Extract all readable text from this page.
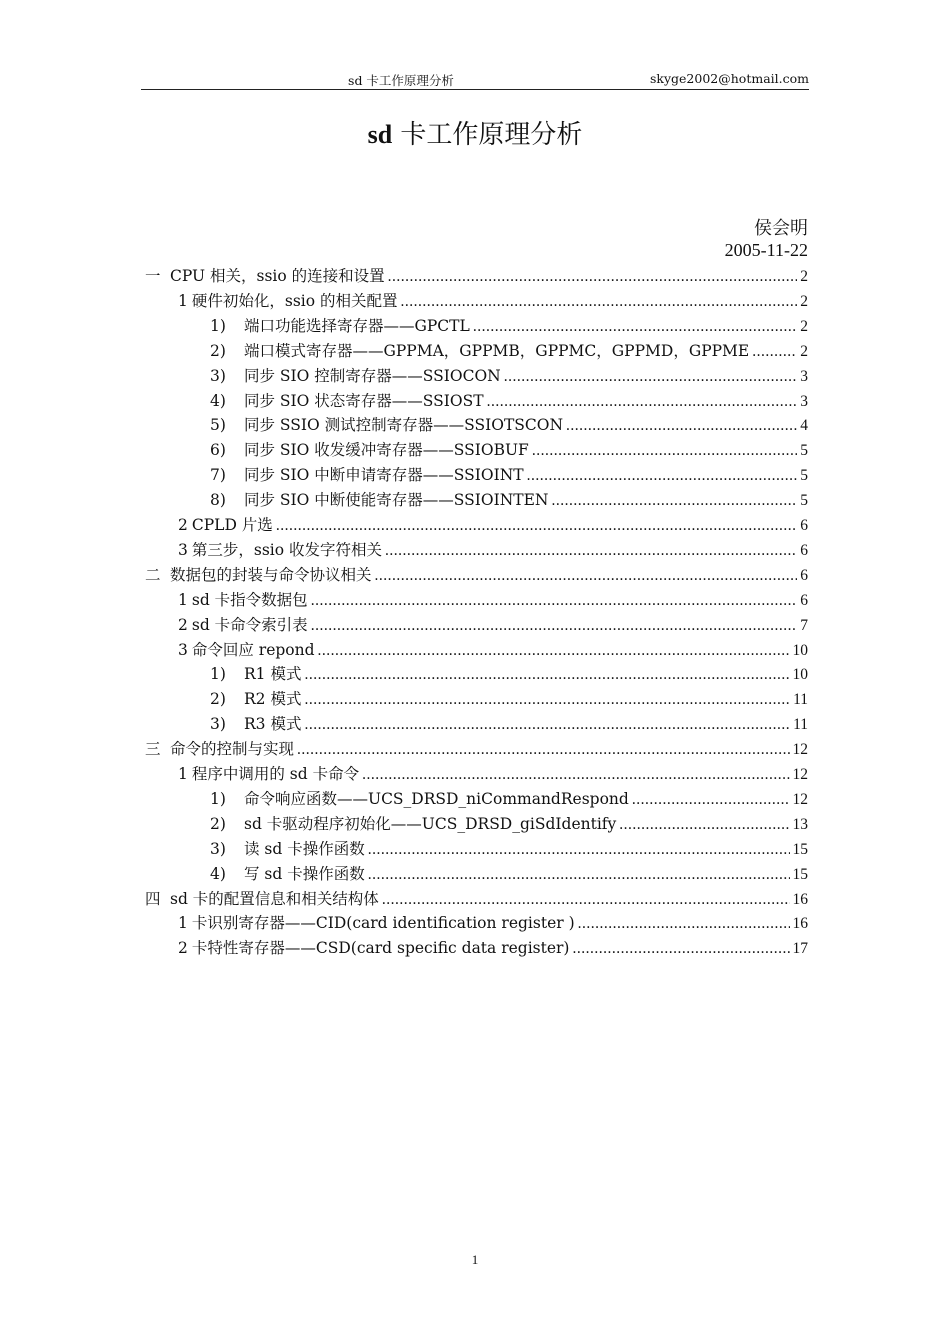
sd 卡工作原理分析	skyge2002@hotmail.com
sd 卡工作原理分析
侯会明
2005-11-22
一 CPU 相关，ssio 的连接和设置 .....	2
1 硬件初始化，ssio 的相关配置 .....	2
1)	端口功能选择寄存器——GPCTL .....	2
2)	端口模式寄存器——GPPMA，GPPMB，GPPMC，GPPMD，GPPME .....	2
3)	同步 SIO 控制寄存器——SSIOCON .....	3
4)	同步 SIO 状态寄存器——SSIOST .....	3
5)	同步 SSIO 测试控制寄存器——SSIOTSCON .....	4
6)	同步 SIO 收发缓冲寄存器——SSIOBUF .....	5
7)	同步 SIO 中断申请寄存器——SSIOINT .....	5
8)	同步 SIO 中断使能寄存器——SSIOINTEN .....	5
2 CPLD 片选 .....	6
3 第三步，ssio 收发字符相关 .....	6
二 数据包的封装与命令协议相关 .....	6
1 sd 卡指令数据包 .....	6
2 sd 卡命令索引表 .....	7
3 命令回应 repond .....	10
1)	R1 模式 .....	10
2)	R2 模式 .....	11
3)	R3 模式 .....	11
三 命令的控制与实现 .....	12
1 程序中调用的 sd 卡命令 .....	12
1)	命令响应函数——UCS_DRSD_niCommandRespond .....	12
2)	sd 卡驱动程序初始化——UCS_DRSD_giSdIdentify .....	13
3)	读 sd 卡操作函数 .....	15
4)	写 sd 卡操作函数 .....	15
四 sd 卡的配置信息和相关结构体 .....	16
1 卡识别寄存器——CID(card identification register ) .....	16
2 卡特性寄存器——CSD(card specific data register) .....	17
1
